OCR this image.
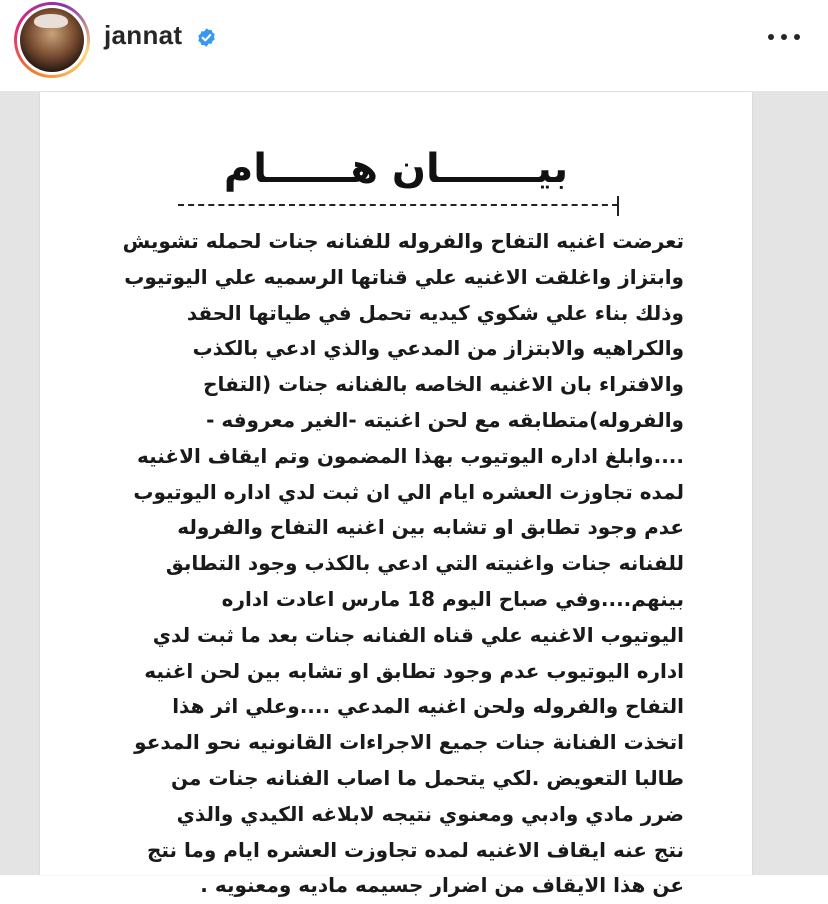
jannat
بيـــــــان هــــــام
تعرضت اغنيه التفاح والفروله للفنانه جنات لحمله تشويش
وابتزاز واغلقت الاغنيه علي قناتها الرسميه علي اليوتيوب
وذلك بناء علي شكوي كيديه تحمل في طياتها الحقد
والكراهيه والابتزاز من المدعي والذي ادعي بالكذب
والافتراء بان الاغنيه الخاصه بالفنانه جنات (التفاح
والفروله)متطابقه مع لحن اغنيته -الغير معروفه -
....وابلغ اداره اليوتيوب بهذا المضمون وتم ايقاف الاغنيه
لمده تجاوزت العشره ايام الي ان ثبت لدي اداره اليوتيوب
عدم وجود تطابق او تشابه بين اغنيه التفاح والفروله
للفنانه جنات واغنيته التي ادعي بالكذب وجود التطابق
بينهم....وفي صباح اليوم 18 مارس اعادت اداره
اليوتيوب الاغنيه علي قناه الفنانه جنات بعد ما ثبت لدي
اداره اليوتيوب عدم وجود تطابق او تشابه بين لحن اغنيه
التفاح والفروله ولحن اغنيه المدعي ....وعلي اثر هذا
اتخذت الفنانة جنات جميع الاجراءات القانونيه نحو المدعو
طالبا التعويض .لكي يتحمل ما اصاب الفنانه جنات من
ضرر مادي وادبي ومعنوي نتيجه لابلاغه الكيدي والذي
نتج عنه ايقاف الاغنيه لمده تجاوزت العشره ايام وما نتج
عن هذا الايقاف من اضرار جسيمه ماديه ومعنويه .
